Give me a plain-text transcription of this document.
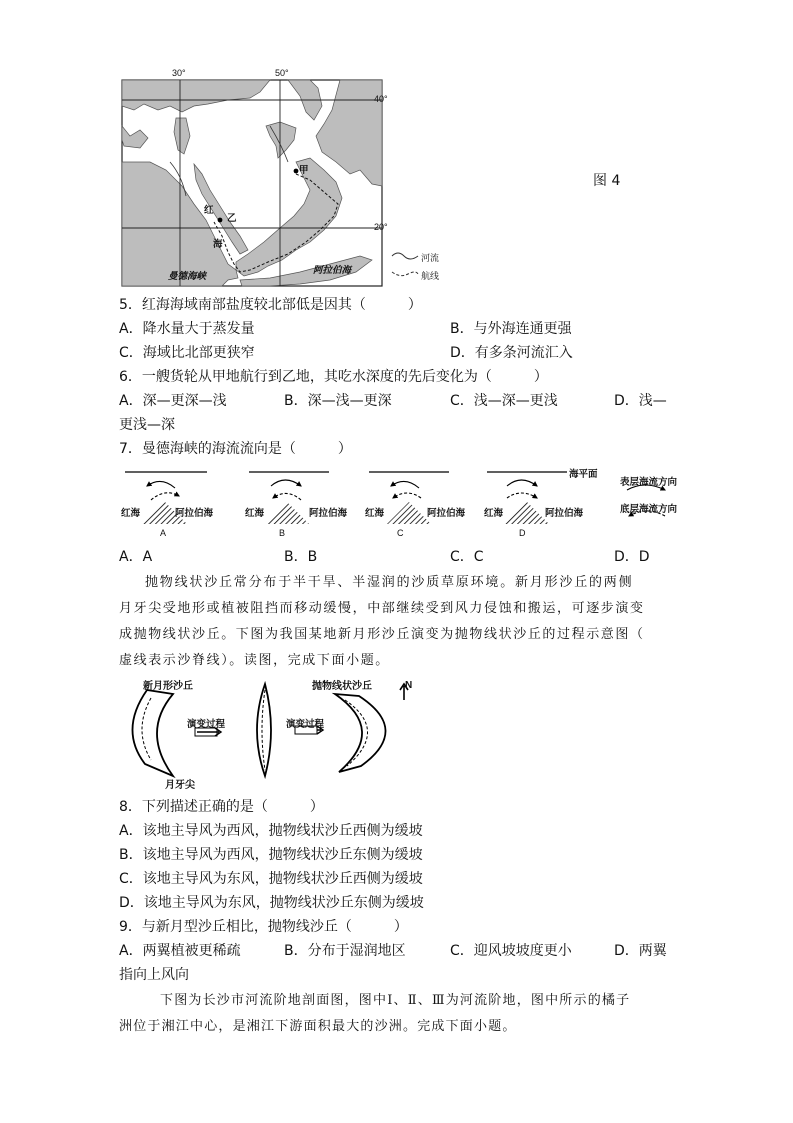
30°	50°
40°
20°
甲
乙
红
海
曼德海峡
阿拉伯海
河流
航线
图 4
5．红海海域南部盐度较北部低是因其（　　　）
A．降水量大于蒸发量	B．与外海连通更强
C．海域比北部更狭窄	D．有多条河流汇入
6．一艘货轮从甲地航行到乙地，其吃水深度的先后变化为（　　　）
A．深—更深—浅	B．深—浅—更深	C．浅—深—更浅	D．浅—
更浅—深
7．曼德海峡的海流流向是（　　　）
红海	阿拉伯海
A
红海	阿拉伯海
B
红海	阿拉伯海
C
红海	阿拉伯海
D
海平面
表层海流方向
底层海流方向
A．A	B．B	C．C	D．D
抛物线状沙丘常分布于半干旱、半湿润的沙质草原环境。新月形沙丘的两侧
月牙尖受地形或植被阻挡而移动缓慢，中部继续受到风力侵蚀和搬运，可逐步演变
成抛物线状沙丘。下图为我国某地新月形沙丘演变为抛物线状沙丘的过程示意图（
虚线表示沙脊线）。读图，完成下面小题。
新月形沙丘
演变过程	演变过程
抛物线状沙丘	N
月牙尖
8．下列描述正确的是（　　　）
A．该地主导风为西风，抛物线状沙丘西侧为缓坡
B．该地主导风为西风，抛物线状沙丘东侧为缓坡
C．该地主导风为东风，抛物线状沙丘西侧为缓坡
D．该地主导风为东风，抛物线状沙丘东侧为缓坡
9．与新月型沙丘相比，抛物线沙丘（　　　）
A．两翼植被更稀疏	B．分布于湿润地区	C．迎风坡坡度更小	D．两翼
指向上风向
下图为长沙市河流阶地剖面图，图中Ⅰ、Ⅱ、Ⅲ为河流阶地，图中所示的橘子
洲位于湘江中心，是湘江下游面积最大的沙洲。完成下面小题。
